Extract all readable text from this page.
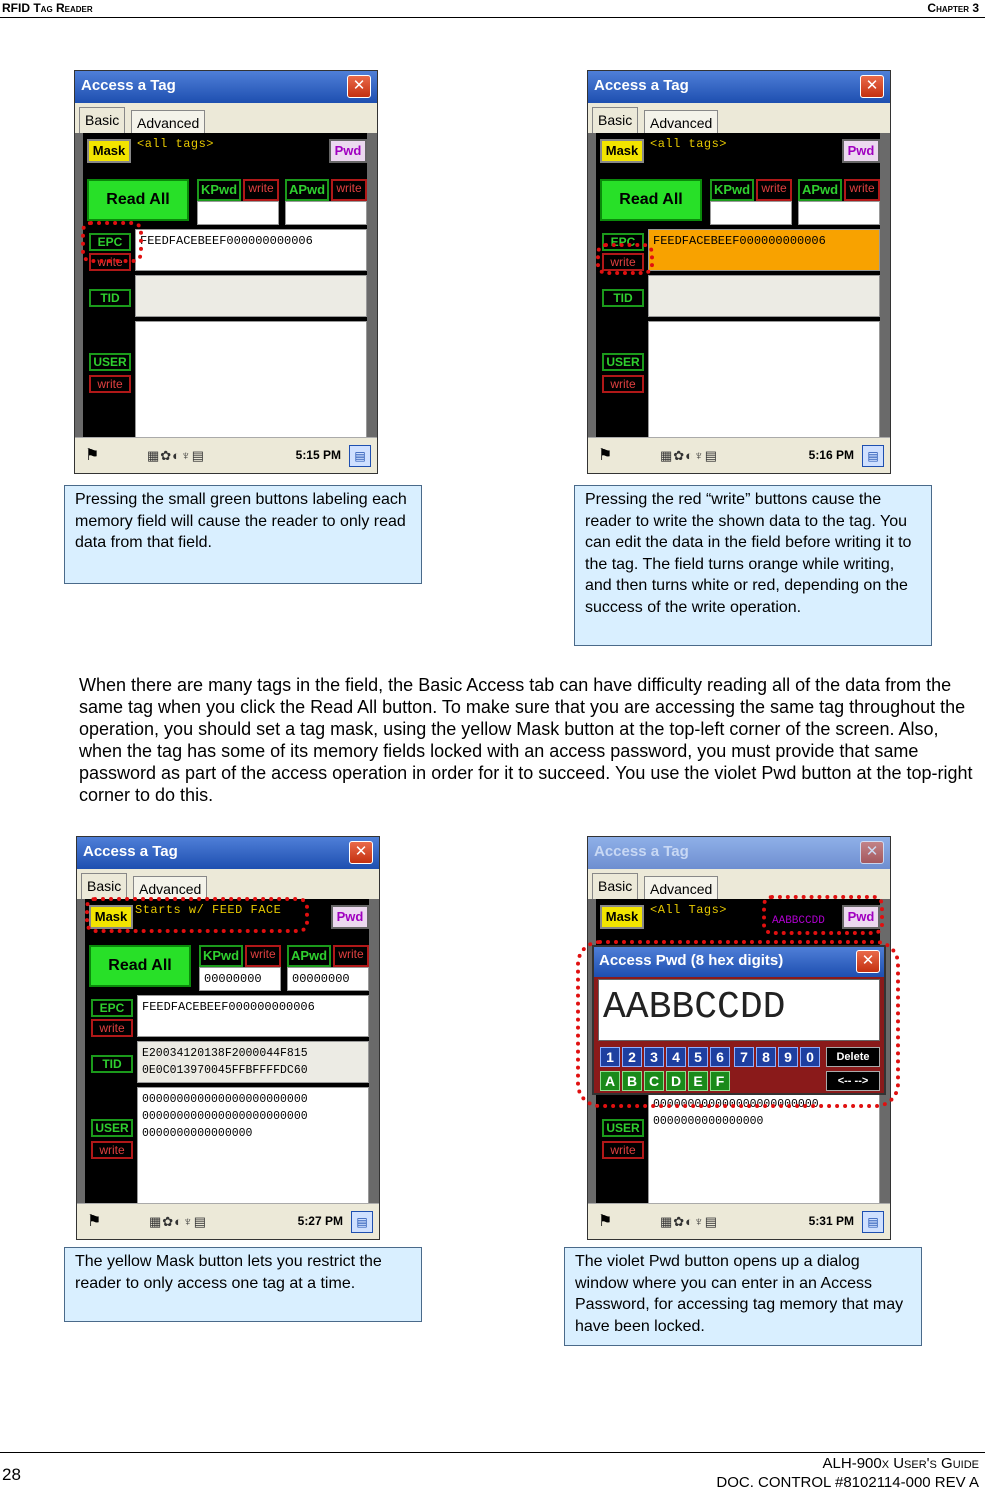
RFID Tag Reader	Chapter 3
Access a Tag	✕
Basic	Advanced
Mask <all tags>	Pwd
Read All
KPwd write	APwd write
EPC
write
FEEDFACEBEEF000000000006
TID
USER
write
⚑	▦✿◐♆▤	5:15 PM	▤
Access a Tag	✕
Basic	Advanced
Mask <all tags>	Pwd
Read All
KPwd write	APwd write
EPC
write
FEEDFACEBEEF000000000006
TID
USER
write
⚑	▦✿◐♆▤	5:16 PM	▤
Pressing the small green buttons labeling each memory field will cause the reader to only read data from that field.
Pressing the red “write” buttons cause the reader to write the shown data to the tag. You can edit the data in the field before writing it to the tag. The field turns orange while writing, and then turns white or red, depending on the success of the write operation.
When there are many tags in the field, the Basic Access tab can have difficulty reading all of the data from the same tag when you click the Read All button. To make sure that you are accessing the same tag throughout the operation, you should set a tag mask, using the yellow Mask button at the top-left corner of the screen. Also, when the tag has some of its memory fields locked with an access password, you must provide that same password as part of the access operation in order for it to succeed. You use the violet Pwd button at the top-right corner to do this.
Access a Tag	✕
Basic	Advanced
Mask Starts w/ FEED FACE	Pwd
Read All
KPwd write	APwd write
00000000	00000000
EPC
write
FEEDFACEBEEF000000000006
TID
E20034120138F2000044F815
0E0C013970045FFBFFFFDC60
USER
write
000000000000000000000000
000000000000000000000000
0000000000000000
⚑	▦✿◐♆▤	5:27 PM	▤
Access a Tag	✕
Basic	Advanced
Mask <All Tags>
AABBCCDD	Pwd
USER
write
000000000000000000000000
0000000000000000
⚑	▦✿◐♆▤	5:31 PM	▤
Access Pwd (8 hex digits)	✕
AABBCCDD
1	2	3	4	5	6	7	8	9	0	Delete
A B C D E F	<-- -->
The yellow Mask button lets you restrict the reader to only access one tag at a time.
The violet Pwd button opens up a dialog window where you can enter in an Access Password, for accessing tag memory that may have been locked.
28
ALH-900x User's Guide
DOC. CONTROL #8102114-000 REV A
